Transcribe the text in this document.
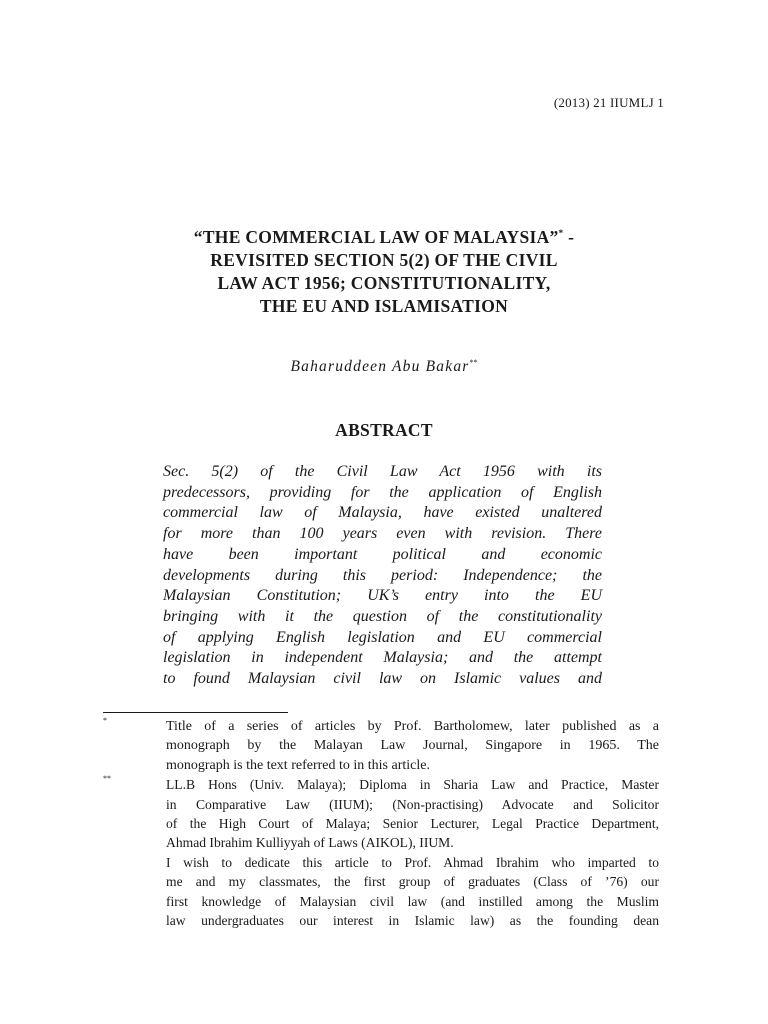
(2013) 21 IIUMLJ 1
“THE COMMERCIAL LAW OF MALAYSIA”* -
REVISITED SECTION 5(2) OF THE CIVIL
LAW ACT 1956; CONSTITUTIONALITY,
THE EU AND ISLAMISATION
Baharuddeen Abu Bakar**
ABSTRACT
Sec. 5(2) of the Civil Law Act 1956 with its
predecessors, providing for the application of English
commercial law of Malaysia, have existed unaltered
for more than 100 years even with revision. There
have been important political and economic
developments during this period: Independence; the
Malaysian Constitution; UK’s entry into the EU
bringing with it the question of the constitutionality
of applying English legislation and EU commercial
legislation in independent Malaysia; and the attempt
to found Malaysian civil law on Islamic values and
*	Title of a series of articles by Prof. Bartholomew, later published as a
monograph by the Malayan Law Journal, Singapore in 1965. The
monograph is the text referred to in this article.
**	LL.B Hons (Univ. Malaya); Diploma in Sharia Law and Practice, Master
in Comparative Law (IIUM); (Non-practising) Advocate and Solicitor
of the High Court of Malaya; Senior Lecturer, Legal Practice Department,
Ahmad Ibrahim Kulliyyah of Laws (AIKOL), IIUM.
I wish to dedicate this article to Prof. Ahmad Ibrahim who imparted to
me and my classmates, the first group of graduates (Class of ’76) our
first knowledge of Malaysian civil law (and instilled among the Muslim
law undergraduates our interest in Islamic law) as the founding dean
